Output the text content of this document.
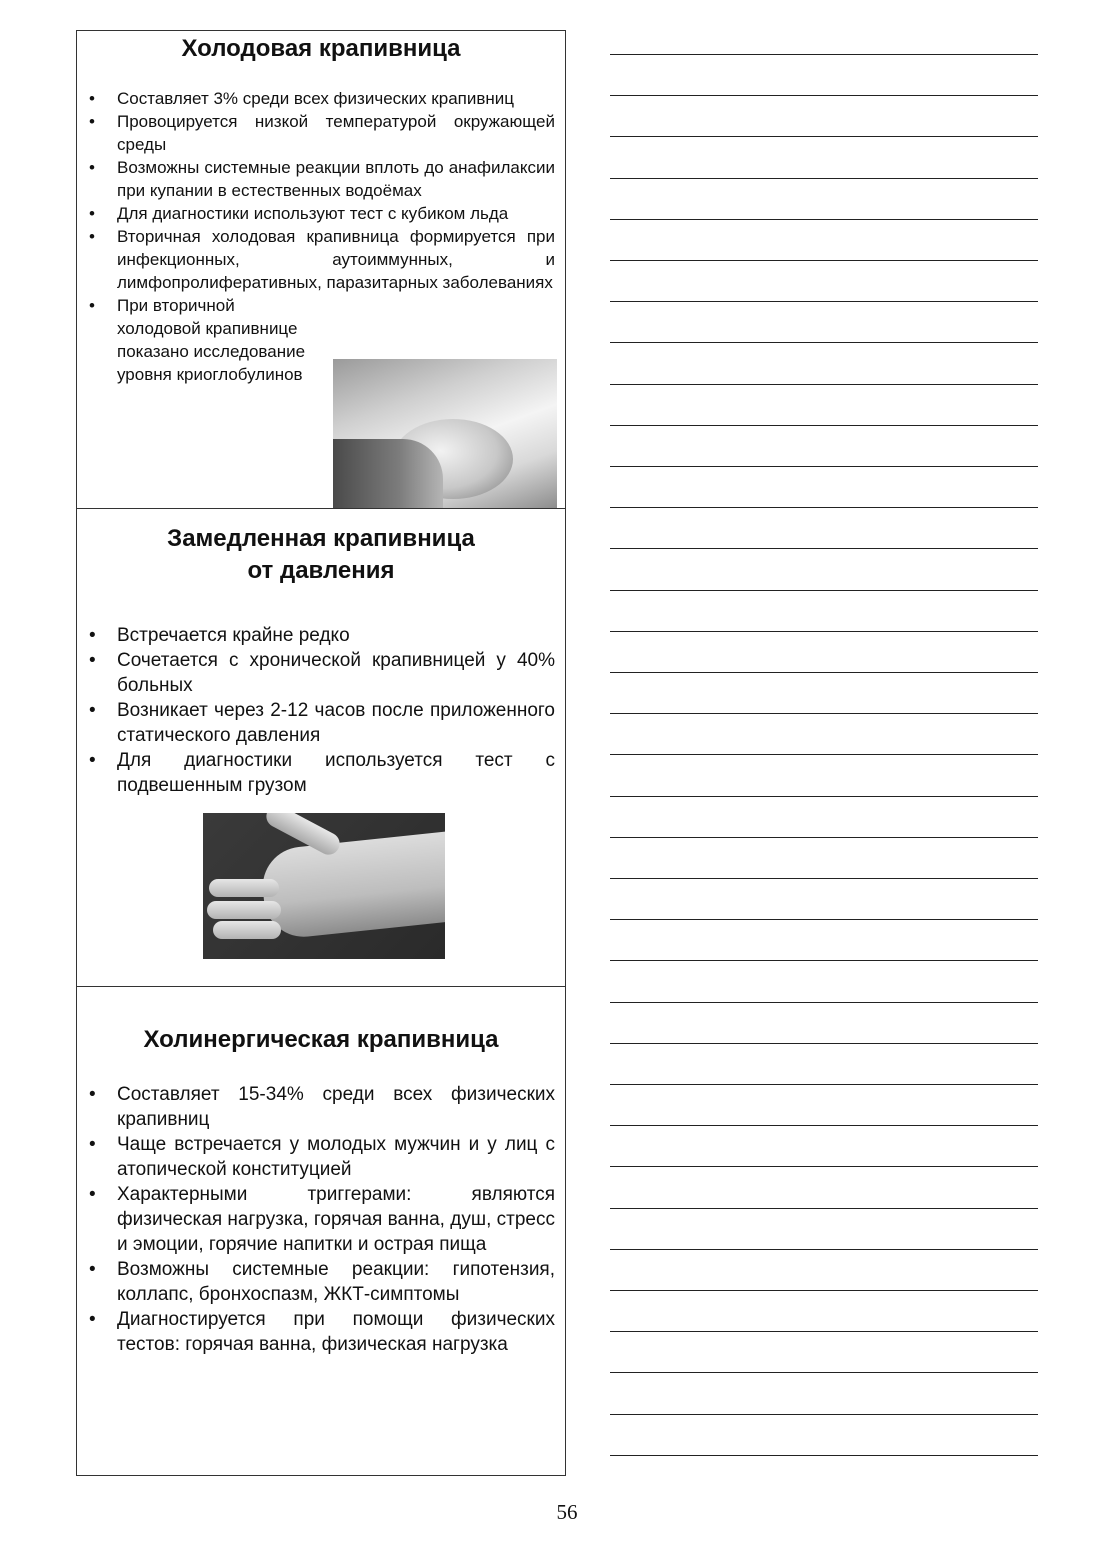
Холодовая крапивница
• Составляет 3% среди всех физических крапивниц
• Провоцируется низкой температурой окружающей среды
• Возможны системные реакции вплоть до анафилаксии при купании в естественных водоёмах
• Для диагностики используют тест с кубиком льда
• Вторичная холодовая крапивница формируется при инфекционных, аутоиммунных, и лимфопролиферативных, паразитарных заболеваниях
• При вторичной холодовой крапивнице показано исследование уровня криоглобулинов
Замедленная крапивница
от давления
• Встречается крайне редко
• Сочетается с хронической крапивницей у 40% больных
• Возникает через 2-12 часов после приложенного статического давления
• Для диагностики используется тест с подвешенным грузом
Холинергическая крапивница
• Составляет 15-34% среди всех физических крапивниц
• Чаще встречается у молодых мужчин и у лиц с атопической конституцией
• Характерными триггерами: являются физическая нагрузка, горячая ванна, душ, стресс и эмоции, горячие напитки и острая пища
• Возможны системные реакции: гипотензия, коллапс, бронхоспазм, ЖКТ-симптомы
• Диагностируется при помощи физических тестов: горячая ванна, физическая нагрузка
56
